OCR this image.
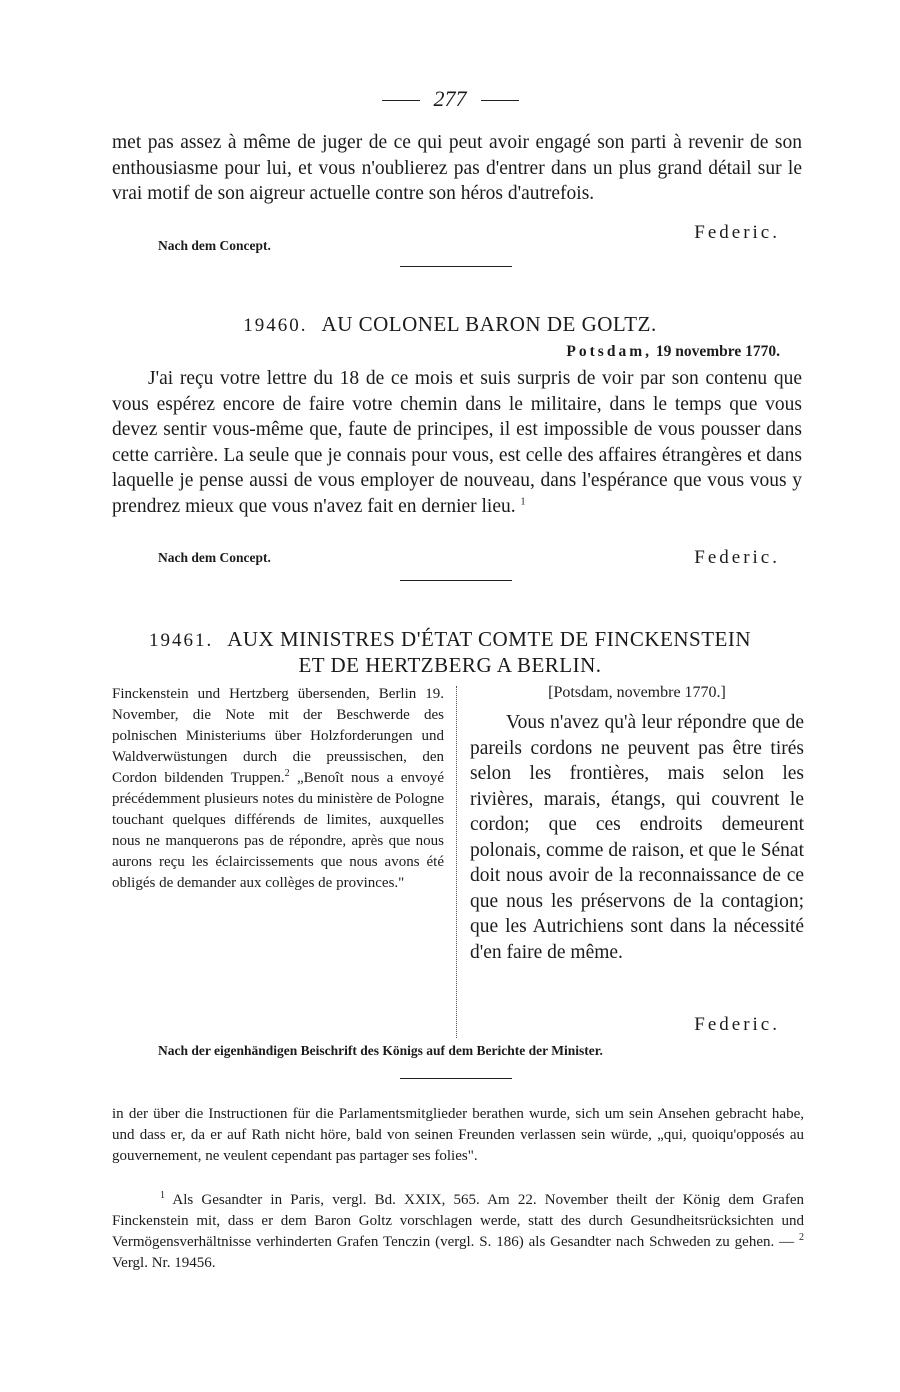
277
met pas assez à même de juger de ce qui peut avoir engagé son parti à revenir de son enthousiasme pour lui, et vous n'oublierez pas d'entrer dans un plus grand détail sur le vrai motif de son aigreur actuelle contre son héros d'autrefois.
Federic.
Nach dem Concept.
19460. AU COLONEL BARON DE GOLTZ.
Potsdam, 19 novembre 1770.
J'ai reçu votre lettre du 18 de ce mois et suis surpris de voir par son contenu que vous espérez encore de faire votre chemin dans le militaire, dans le temps que vous devez sentir vous-même que, faute de principes, il est impossible de vous pousser dans cette carrière. La seule que je connais pour vous, est celle des affaires étrangères et dans laquelle je pense aussi de vous employer de nouveau, dans l'espérance que vous vous y prendrez mieux que vous n'avez fait en dernier lieu. $^1$
Nach dem Concept.	Federic.
19461. AUX MINISTRES D'ÉTAT COMTE DE FINCKENSTEIN
ET DE HERTZBERG A BERLIN.
Finckenstein und Hertzberg übersenden, Berlin 19. November, die Note mit der Beschwerde des polnischen Ministeriums über Holzforderungen und Waldverwüstungen durch die preussischen, den Cordon bildenden Truppen.$^2$ „Benoît nous a envoyé précédemment plusieurs notes du ministère de Pologne touchant quelques différends de limites, auxquelles nous ne manquerons pas de répondre, après que nous aurons reçu les éclaircissements que nous avons été obligés de demander aux collèges de provinces."
[Potsdam, novembre 1770.]
Vous n'avez qu'à leur répondre que de pareils cordons ne peuvent pas être tirés selon les frontières, mais selon les rivières, marais, étangs, qui couvrent le cordon; que ces endroits demeurent polonais, comme de raison, et que le Sénat doit nous avoir de la reconnaissance de ce que nous les préservons de la contagion; que les Autrichiens sont dans la nécessité d'en faire de même.
Federic.
Nach der eigenhändigen Beischrift des Königs auf dem Berichte der Minister.
in der über die Instructionen für die Parlamentsmitglieder berathen wurde, sich um sein Ansehen gebracht habe, und dass er, da er auf Rath nicht höre, bald von seinen Freunden verlassen sein würde, „qui, quoiqu'opposés au gouvernement, ne veulent cependant pas partager ses folies".
$^1$ Als Gesandter in Paris, vergl. Bd. XXIX, 565. Am 22. November theilt der König dem Grafen Finckenstein mit, dass er dem Baron Goltz vorschlagen werde, statt des durch Gesundheitsrücksichten und Vermögensverhältnisse verhinderten Grafen Tenczin (vergl. S. 186) als Gesandter nach Schweden zu gehen. — $^2$ Vergl. Nr. 19456.
